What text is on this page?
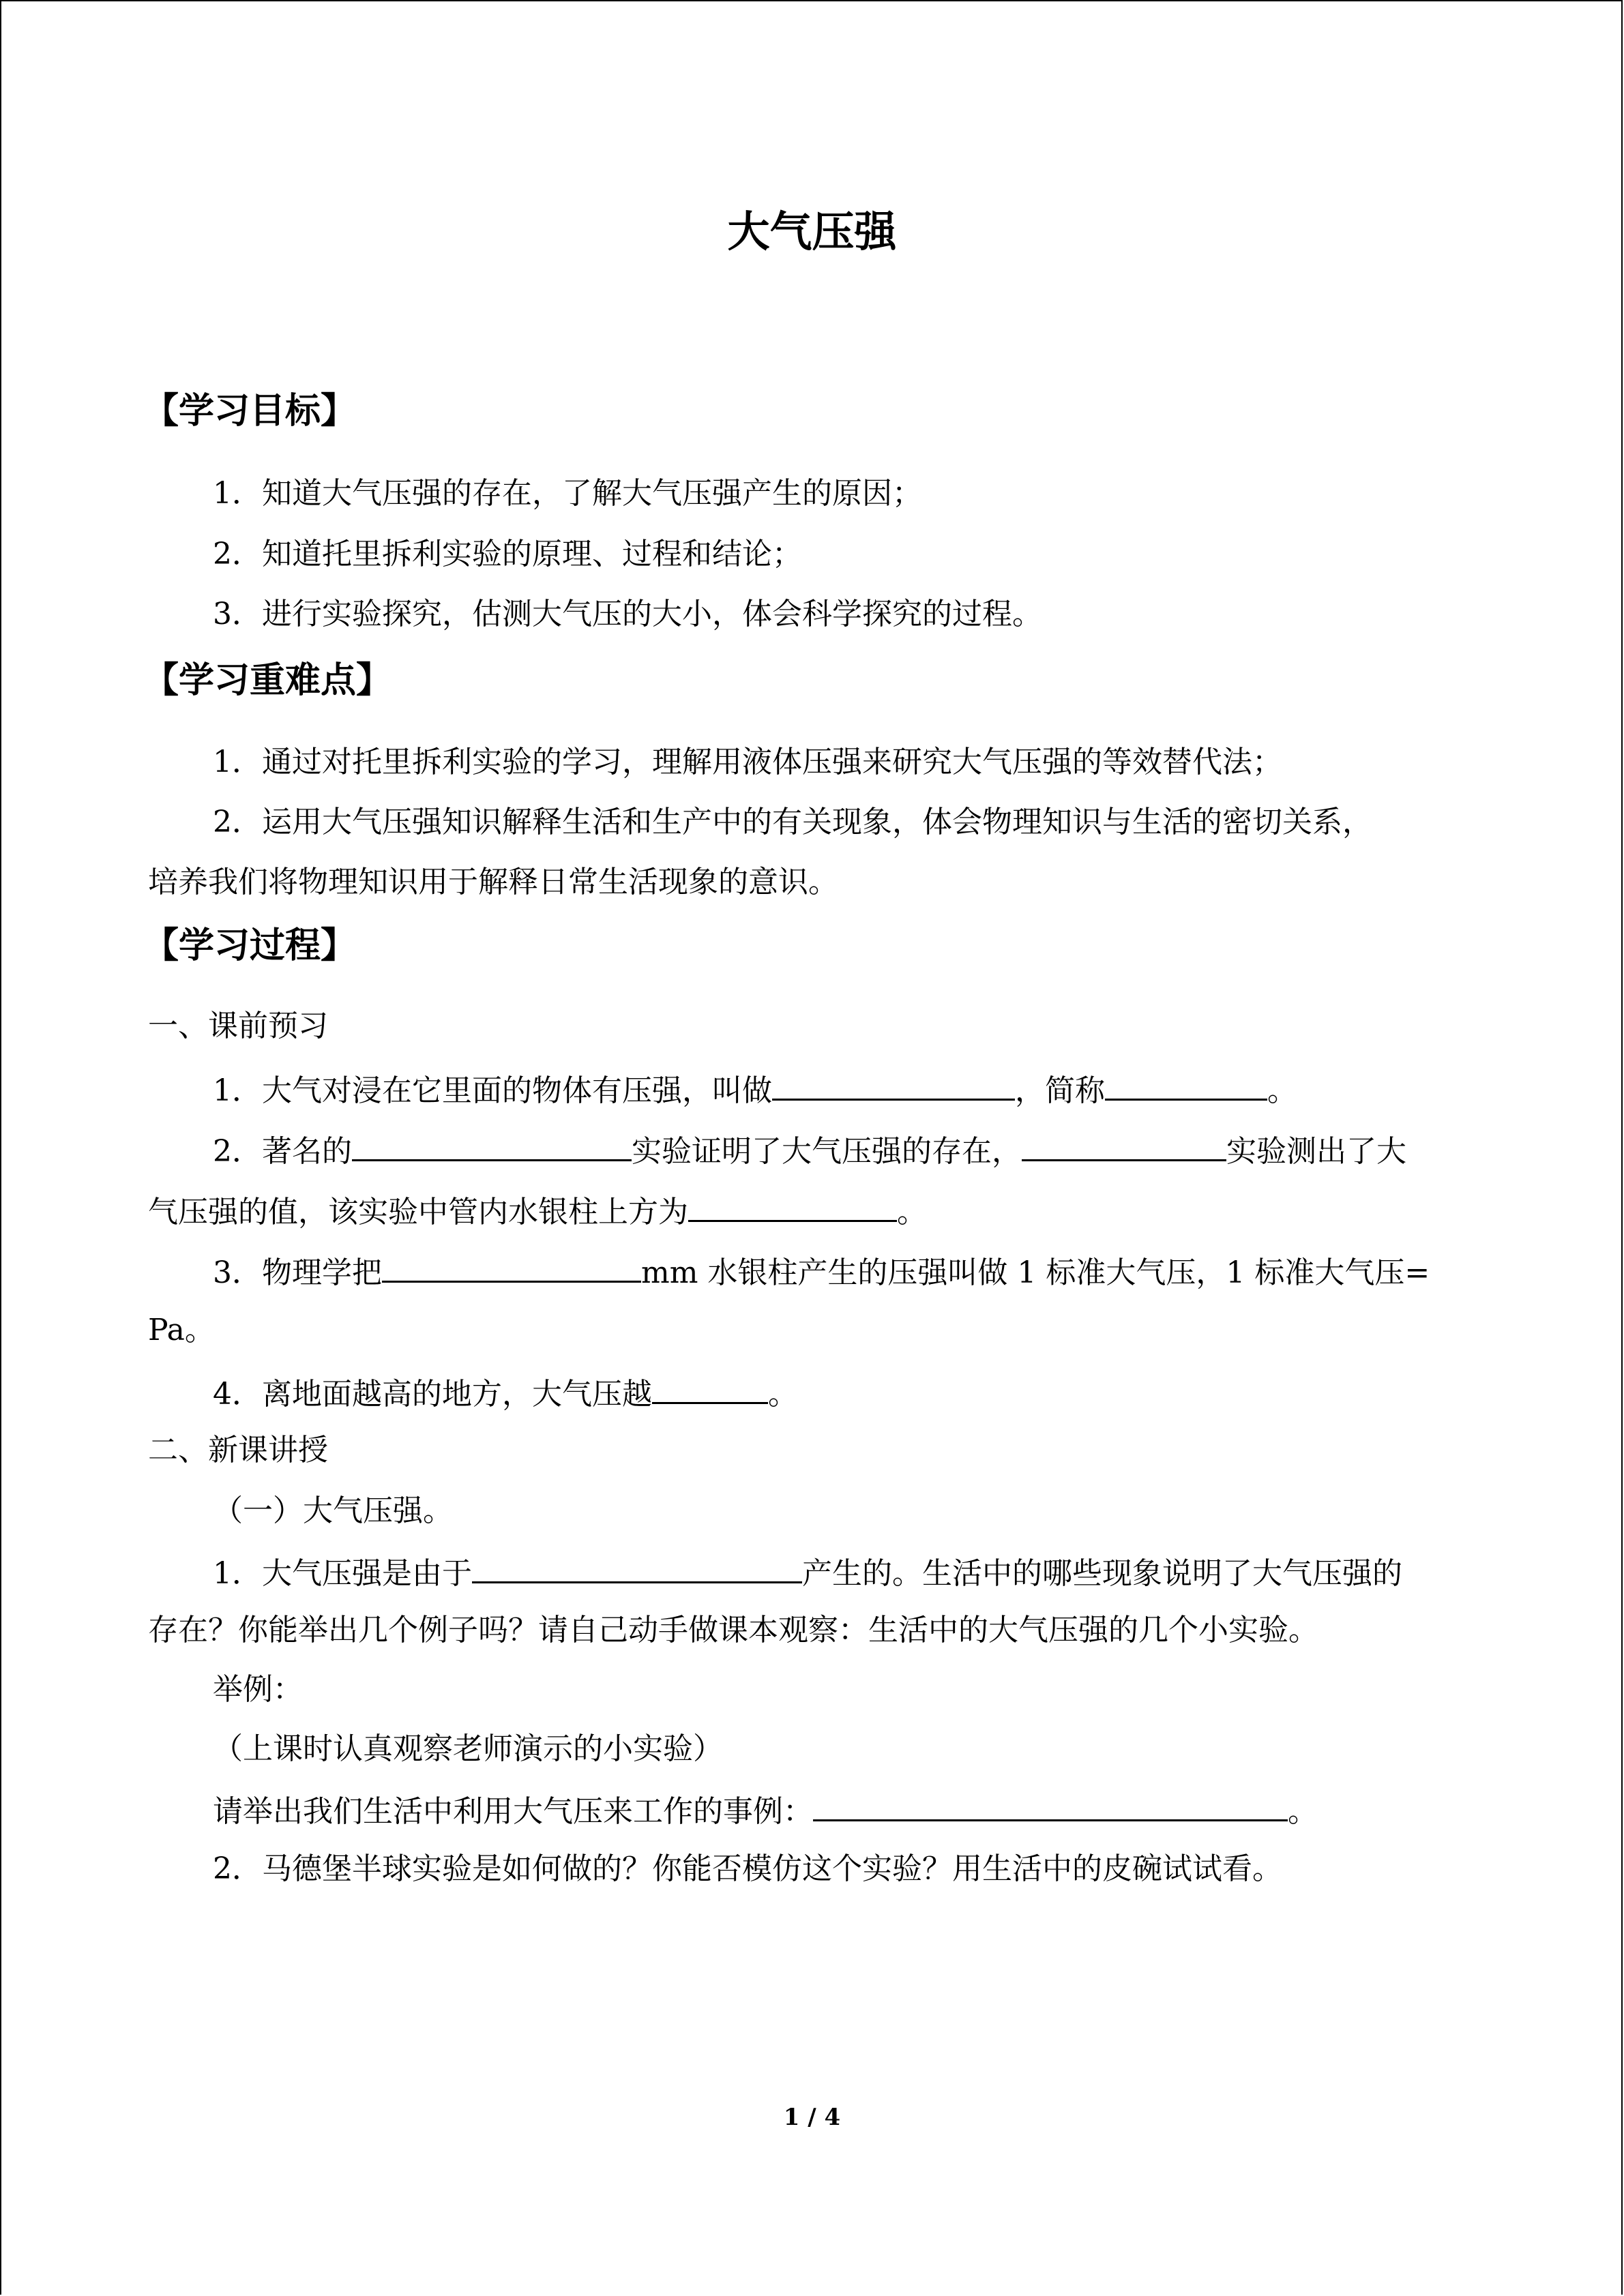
大气压强
【学习目标】
1．知道大气压强的存在，了解大气压强产生的原因；
2．知道托里拆利实验的原理、过程和结论；
3．进行实验探究，估测大气压的大小，体会科学探究的过程。
【学习重难点】
1．通过对托里拆利实验的学习，理解用液体压强来研究大气压强的等效替代法；
2．运用大气压强知识解释生活和生产中的有关现象，体会物理知识与生活的密切关系，
培养我们将物理知识用于解释日常生活现象的意识。
【学习过程】
一、课前预习
1．大气对浸在它里面的物体有压强，叫做	，简称	。
2．著名的	实验证明了大气压强的存在，	实验测出了大
气压强的值，该实验中管内水银柱上方为	。
3．物理学把	mm 水银柱产生的压强叫做 1 标准大气压，1 标准大气压=
Pa。
4．离地面越高的地方，大气压越	。
二、新课讲授
（一）大气压强。
1．大气压强是由于	产生的。生活中的哪些现象说明了大气压强的
存在？你能举出几个例子吗？请自己动手做课本观察：生活中的大气压强的几个小实验。
举例：
（上课时认真观察老师演示的小实验）
请举出我们生活中利用大气压来工作的事例：	。
2．马德堡半球实验是如何做的？你能否模仿这个实验？用生活中的皮碗试试看。
1 / 4
